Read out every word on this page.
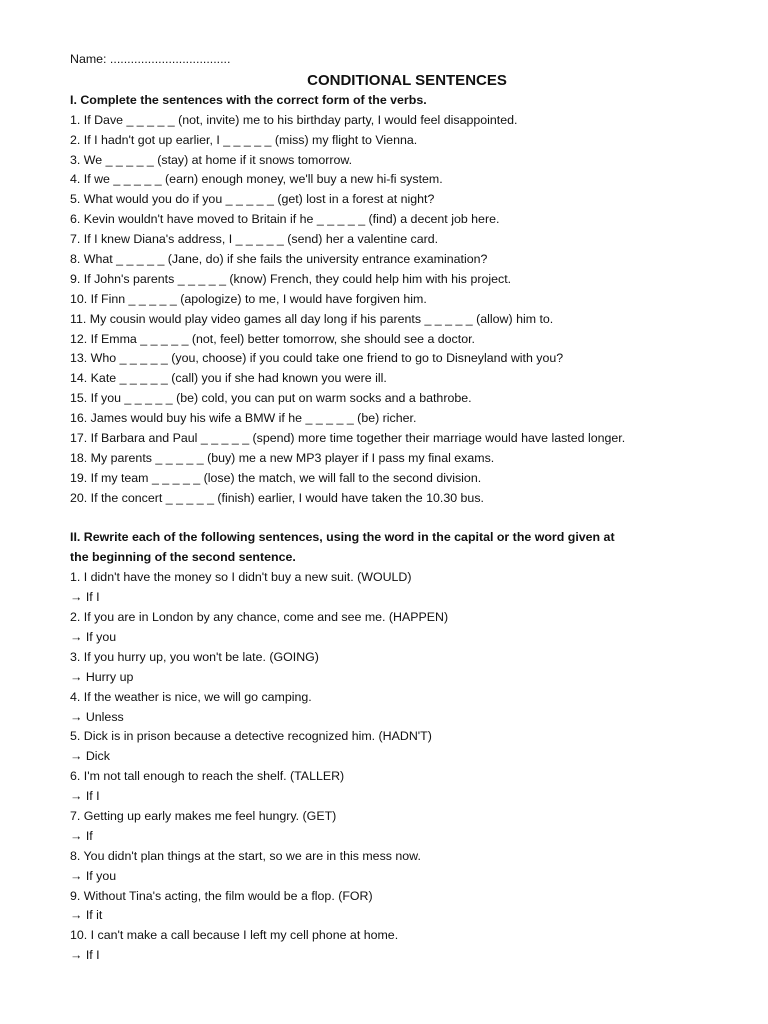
Name: ...................................
CONDITIONAL SENTENCES
I. Complete the sentences with the correct form of the verbs.
1. If Dave _ _ _ _ _ (not, invite) me to his birthday party, I would feel disappointed.
2. If I hadn't got up earlier, I _ _ _ _ _ (miss) my flight to Vienna.
3. We _ _ _ _ _ (stay) at home if it snows tomorrow.
4. If we _ _ _ _ _ (earn) enough money, we'll buy a new hi-fi system.
5. What would you do if you _ _ _ _ _ (get) lost in a forest at night?
6. Kevin wouldn't have moved to Britain if he _ _ _ _ _ (find) a decent job here.
7. If I knew Diana's address, I _ _ _ _ _ (send) her a valentine card.
8. What _ _ _ _ _ (Jane, do) if she fails the university entrance examination?
9. If John's parents _ _ _ _ _ (know) French, they could help him with his project.
10. If Finn _ _ _ _ _ (apologize) to me, I would have forgiven him.
11. My cousin would play video games all day long if his parents _ _ _ _ _ (allow) him to.
12. If Emma _ _ _ _ _ (not, feel) better tomorrow, she should see a doctor.
13. Who _ _ _ _ _ (you, choose) if you could take one friend to go to Disneyland with you?
14. Kate _ _ _ _ _ (call) you if she had known you were ill.
15. If you _ _ _ _ _ (be) cold, you can put on warm socks and a bathrobe.
16. James would buy his wife a BMW if he _ _ _ _ _ (be) richer.
17. If Barbara and Paul _ _ _ _ _ (spend) more time together their marriage would have lasted longer.
18. My parents _ _ _ _ _ (buy) me a new MP3 player if I pass my final exams.
19. If my team _ _ _ _ _ (lose) the match, we will fall to the second division.
20. If the concert _ _ _ _ _ (finish) earlier, I would have taken the 10.30 bus.
II. Rewrite each of the following sentences, using the word in the capital or the word given at
the beginning of the second sentence.
1. I didn't have the money so I didn't buy a new suit. (WOULD)
→ If I
2. If you are in London by any chance, come and see me. (HAPPEN)
→ If you
3. If you hurry up, you won't be late. (GOING)
→ Hurry up
4. If the weather is nice, we will go camping.
→ Unless
5. Dick is in prison because a detective recognized him. (HADN'T)
→ Dick
6. I'm not tall enough to reach the shelf. (TALLER)
→ If I
7. Getting up early makes me feel hungry. (GET)
→ If
8. You didn't plan things at the start, so we are in this mess now.
→ If you
9. Without Tina's acting, the film would be a flop. (FOR)
→ If it
10. I can't make a call because I left my cell phone at home.
→ If I
